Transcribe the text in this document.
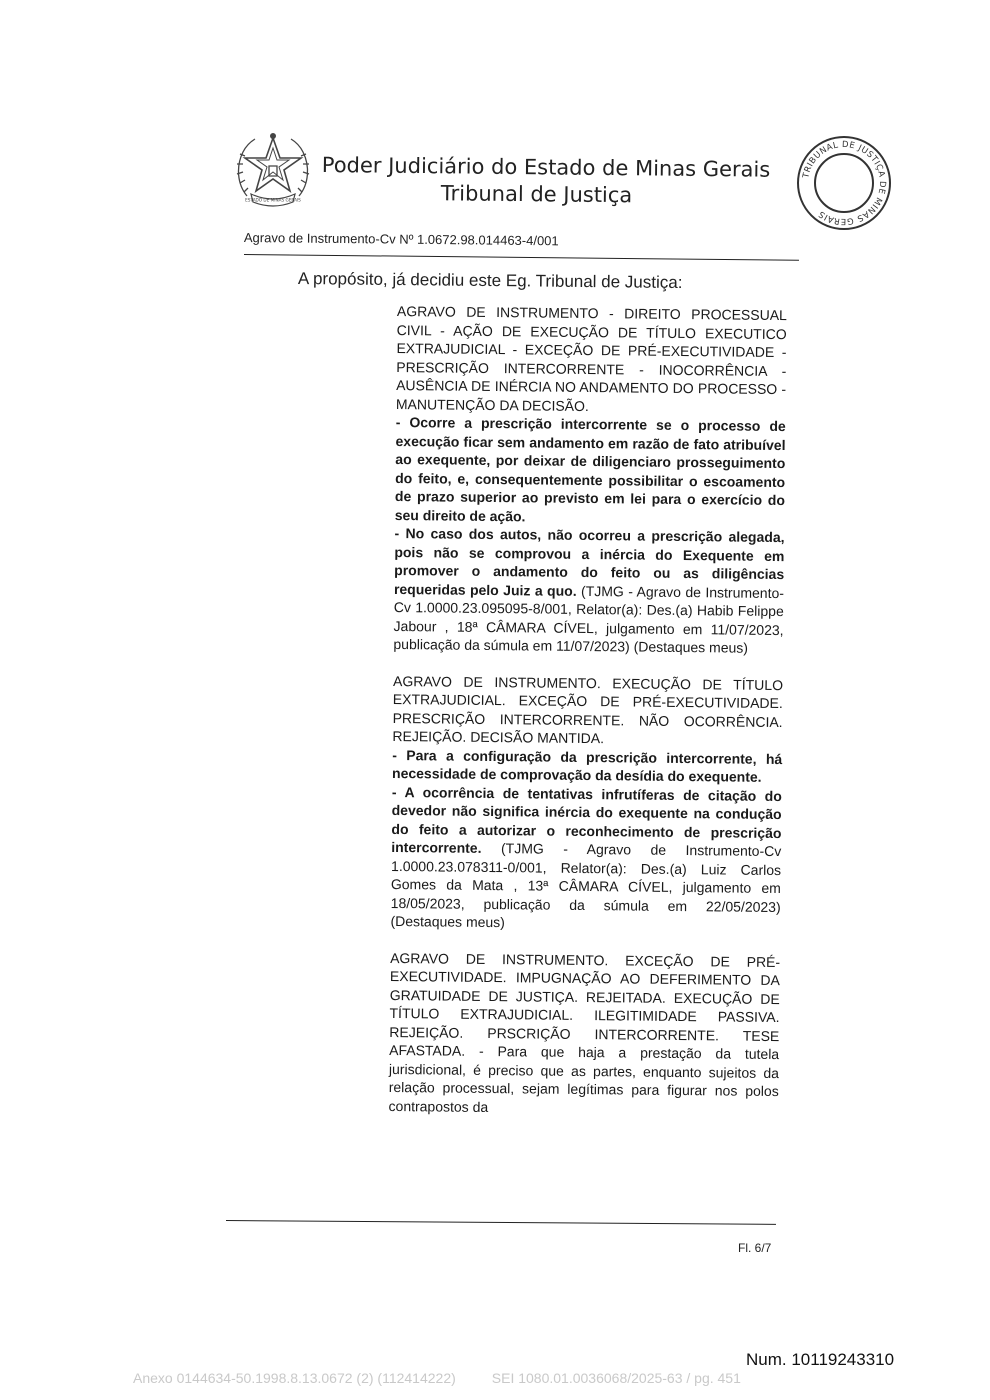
ESTADO DE MINAS GERAIS
Poder Judiciário do Estado de Minas Gerais
Tribunal de Justiça
TRIBUNAL DE JUSTIÇA DE MINAS GERAIS
Agravo de Instrumento-Cv Nº 1.0672.98.014463-4/001
A propósito, já decidiu este Eg. Tribunal de Justiça:

AGRAVO DE INSTRUMENTO - DIREITO PROCESSUAL CIVIL - AÇÃO DE EXECUÇÃO DE TÍTULO EXECUTICO EXTRAJUDICIAL - EXCEÇÃO DE PRÉ-EXECUTIVIDADE - PRESCRIÇÃO INTERCORRENTE - INOCORRÊNCIA - AUSÊNCIA DE INÉRCIA NO ANDAMENTO DO PROCESSO - MANUTENÇÃO DA DECISÃO.

- Ocorre a prescrição intercorrente se o processo de execução ficar sem andamento em razão de fato atribuível ao exequente, por deixar de diligenciaro prosseguimento do feito, e, consequentemente possibilitar o escoamento de prazo superior ao previsto em lei para o exercício do seu direito de ação.

- No caso dos autos, não ocorreu a prescrição alegada, pois não se comprovou a inércia do Exequente em promover o andamento do feito ou as diligências requeridas pelo Juiz a quo. (TJMG - Agravo de Instrumento-Cv 1.0000.23.095095-8/001, Relator(a): Des.(a) Habib Felippe Jabour , 18ª CÂMARA CÍVEL, julgamento em 11/07/2023, publicação da súmula em 11/07/2023) (Destaques meus)

AGRAVO DE INSTRUMENTO. EXECUÇÃO DE TÍTULO EXTRAJUDICIAL. EXCEÇÃO DE PRÉ-EXECUTIVIDADE. PRESCRIÇÃO INTERCORRENTE. NÃO OCORRÊNCIA. REJEIÇÃO. DECISÃO MANTIDA.

- Para a configuração da prescrição intercorrente, há necessidade de comprovação da desídia do exequente.

- A ocorrência de tentativas infrutíferas de citação do devedor não significa inércia do exequente na condução do feito a autorizar o reconhecimento de prescrição intercorrente. (TJMG - Agravo de Instrumento-Cv 1.0000.23.078311-0/001, Relator(a): Des.(a) Luiz Carlos Gomes da Mata , 13ª CÂMARA CÍVEL, julgamento em 18/05/2023, publicação da súmula em 22/05/2023) (Destaques meus)

AGRAVO DE INSTRUMENTO. EXCEÇÃO DE PRÉ-EXECUTIVIDADE. IMPUGNAÇÃO AO DEFERIMENTO DA GRATUIDADE DE JUSTIÇA. REJEITADA. EXECUÇÃO DE TÍTULO EXTRAJUDICIAL. ILEGITIMIDADE PASSIVA. REJEIÇÃO. PRSCRIÇÃO INTERCORRENTE. TESE AFASTADA. - Para que haja a prestação da tutela jurisdicional, é preciso que as partes, enquanto sujeitos da relação processual, sejam legítimas para figurar nos polos contrapostos da

Fl. 6/7
Num. 10119243310
Anexo 0144634-50.1998.8.13.0672 (2) (112414222)	SEI 1080.01.0036068/2025-63 / pg. 451
